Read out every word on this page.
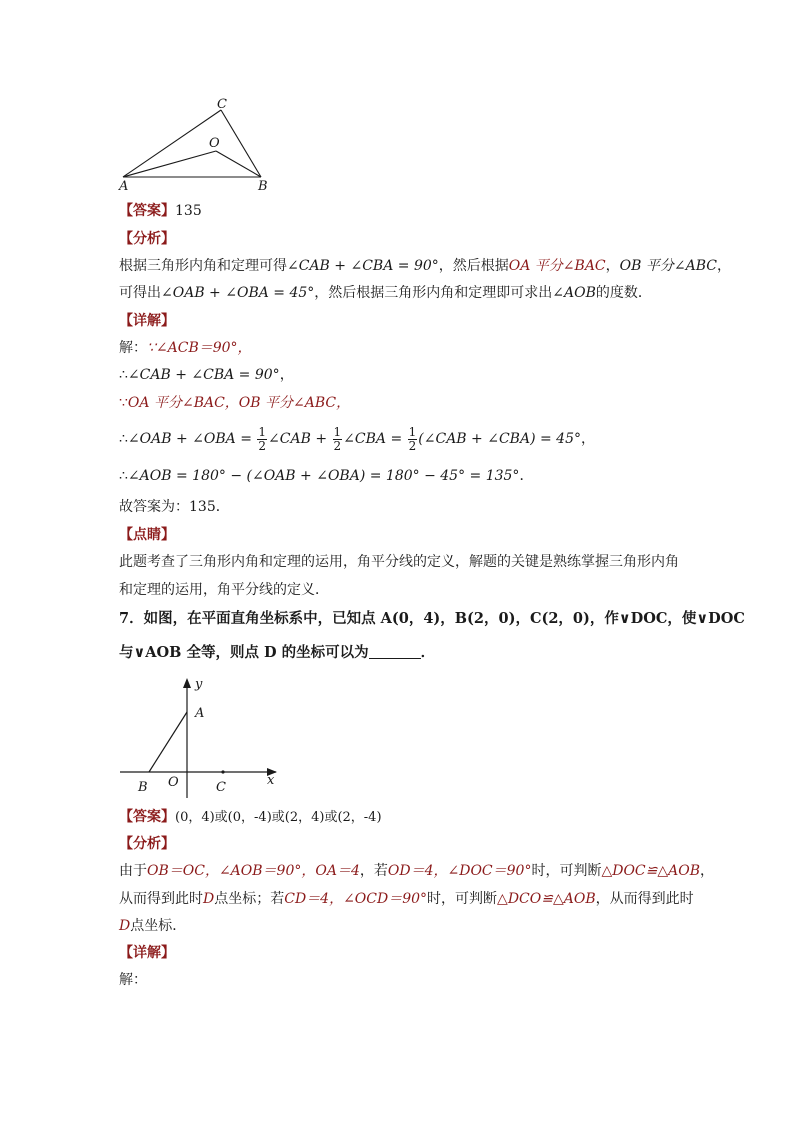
C
O
A	B
【答案】135
【分析】
根据三角形内角和定理可得∠CAB + ∠CBA = 90°，然后根据OA 平分∠BAC，OB 平分∠ABC，
可得出∠OAB + ∠OBA = 45°，然后根据三角形内角和定理即可求出∠AOB的度数．
【详解】
解：∵∠ACB＝90°，
∴∠CAB + ∠CBA = 90°，
∵OA 平分∠BAC，OB 平分∠ABC，
∴∠OAB + ∠OBA = $\frac{1}{2}$ ∠CAB + $\frac{1}{2}$ ∠CBA = $\frac{1}{2}$ (∠CAB + ∠CBA) = 45°，
∴∠AOB = 180° − (∠OAB + ∠OBA) = 180° − 45° = 135°．
故答案为：135．
【点睛】
此题考查了三角形内角和定理的运用，角平分线的定义，解题的关键是熟练掌握三角形内角
和定理的运用，角平分线的定义．
7．如图，在平面直角坐标系中，已知点 A(0，4)，B(2，0)，C(2，0)，作∨DOC，使∨DOC
与∨AOB 全等，则点 D 的坐标可以为	．
y
A
x
B O	C
【答案】(0，4)或(0，-4)或(2，4)或(2，-4)
【分析】
由于OB＝OC，∠AOB＝90°，OA＝4，若OD＝4，∠DOC＝90°时，可判断△DOC≌△AOB，
从而得到此时D点坐标；若CD＝4，∠OCD＝90°时，可判断△DCO≌△AOB，从而得到此时
D点坐标．
【详解】
解：
